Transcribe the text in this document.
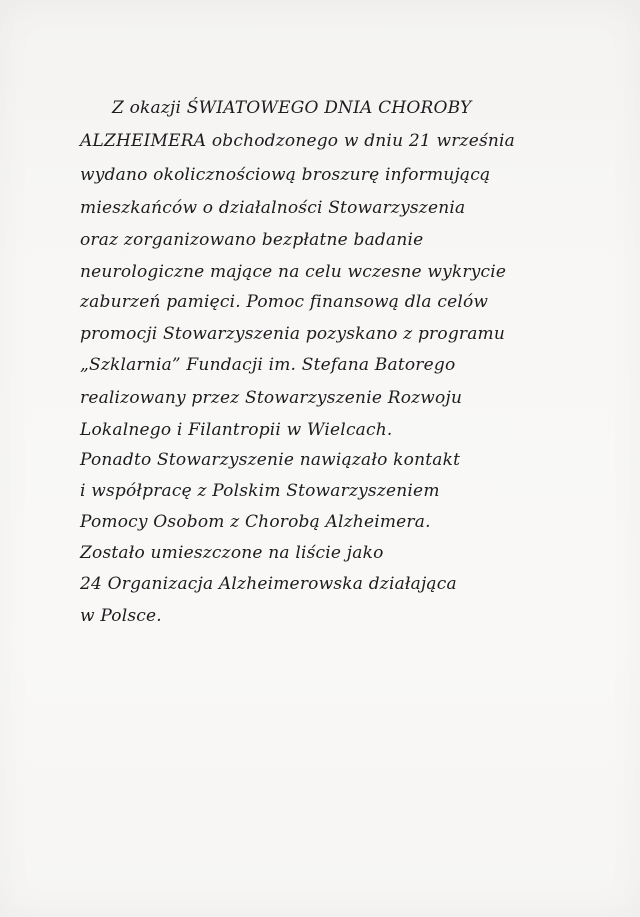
Z okazji ŚWIATOWEGO DNIA CHOROBY

ALZHEIMERA obchodzonego w dniu 21 września

wydano okolicznościową broszurę informującą

mieszkańców o działalności Stowarzyszenia

oraz zorganizowano bezpłatne badanie

neurologiczne mające na celu wczesne wykrycie

zaburzeń pamięci. Pomoc finansową dla celów

promocji Stowarzyszenia pozyskano z programu

„Szklarnia” Fundacji im. Stefana Batorego

realizowany przez Stowarzyszenie Rozwoju

Lokalnego i Filantropii w Wielcach.

Ponadto Stowarzyszenie nawiązało kontakt

i współpracę z Polskim Stowarzyszeniem

Pomocy Osobom z Chorobą Alzheimera.

Zostało umieszczone na liście jako

24 Organizacja Alzheimerowska działająca

w Polsce.
